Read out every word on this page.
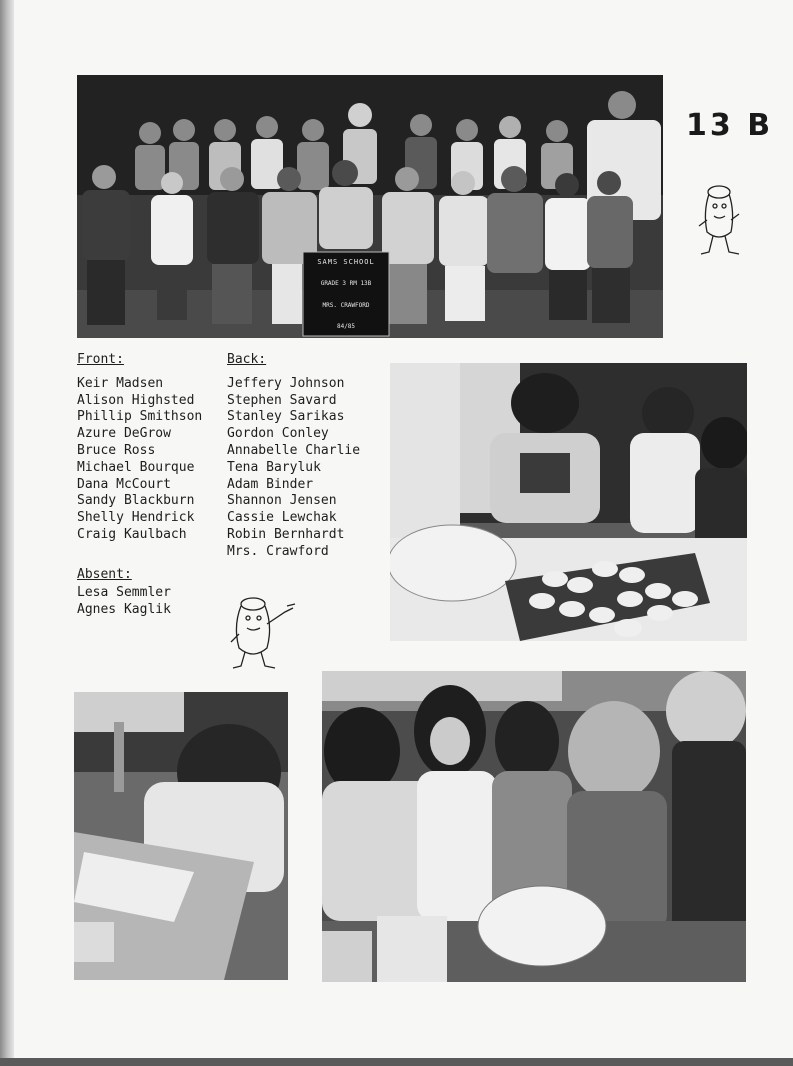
SAMS SCHOOL
GRADE 3 RM 13B
MRS. CRAWFORD
84/85
13 B
Front:
Keir Madsen
Alison Highsted
Phillip Smithson
Azure DeGrow
Bruce Ross
Michael Bourque
Dana McCourt
Sandy Blackburn
Shelly Hendrick
Craig Kaulbach
Back:
Jeffery Johnson
Stephen Savard
Stanley Sarikas
Gordon Conley
Annabelle Charlie
Tena Baryluk
Adam Binder
Shannon Jensen
Cassie Lewchak
Robin Bernhardt
Mrs. Crawford
Absent:
Lesa Semmler
Agnes Kaglik
